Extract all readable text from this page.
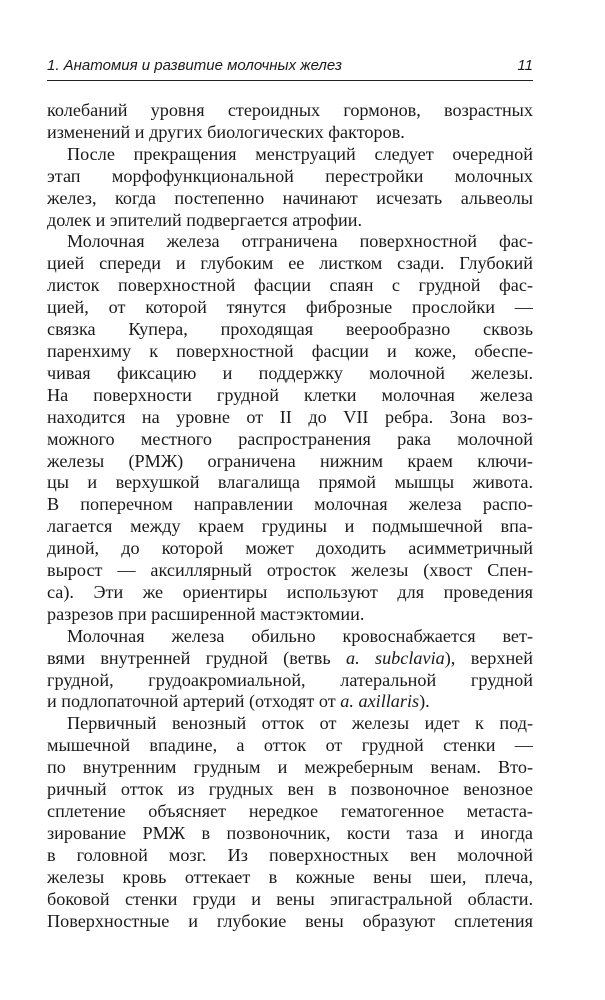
1. Анатомия и развитие молочных желез	11

колебаний уровня стероидных гормонов, возрастных
изменений и других биологических факторов.

После прекращения менструаций следует очередной
этап морфофункциональной перестройки молочных
желез, когда постепенно начинают исчезать альвеолы
долек и эпителий подвергается атрофии.

Молочная железа отграничена поверхностной фас-
цией спереди и глубоким ее листком сзади. Глубокий
листок поверхностной фасции спаян с грудной фас-
цией, от которой тянутся фиброзные прослойки —
связка Купера, проходящая веерообразно сквозь
паренхиму к поверхностной фасции и коже, обеспе-
чивая фиксацию и поддержку молочной железы.
На поверхности грудной клетки молочная железа
находится на уровне от II до VII ребра. Зона воз-
можного местного распространения рака молочной
железы (РМЖ) ограничена нижним краем ключи-
цы и верхушкой влагалища прямой мышцы живота.
В поперечном направлении молочная железа распо-
лагается между краем грудины и подмышечной впа-
диной, до которой может доходить асимметричный
вырост — аксиллярный отросток железы (хвост Спен-
са). Эти же ориентиры используют для проведения
разрезов при расширенной мастэктомии.

Молочная железа обильно кровоснабжается вет-
вями внутренней грудной (ветвь a. subclavia), верхней
грудной, грудоакромиальной, латеральной грудной
и подлопаточной артерий (отходят от a. axillaris).

Первичный венозный отток от железы идет к под-
мышечной впадине, а отток от грудной стенки —
по внутренним грудным и межреберным венам. Вто-
ричный отток из грудных вен в позвоночное венозное
сплетение объясняет нередкое гематогенное метаста-
зирование РМЖ в позвоночник, кости таза и иногда
в головной мозг. Из поверхностных вен молочной
железы кровь оттекает в кожные вены шеи, плеча,
боковой стенки груди и вены эпигастральной области.
Поверхностные и глубокие вены образуют сплетения
